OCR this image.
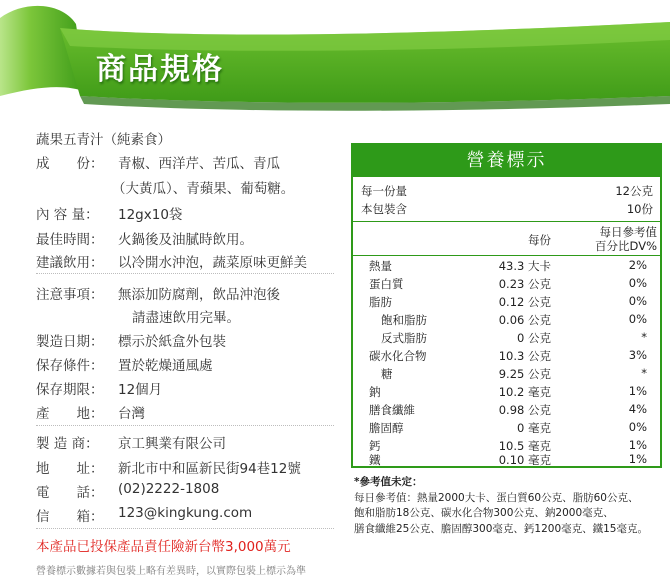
商品規格
蔬果五青汁（純素食）
成　　份： 青椒、西洋芹、苦瓜、青瓜
（大黃瓜）、青蘋果、葡萄糖。
內 容 量： 12gx10袋
最佳時間： 火鍋後及油膩時飲用。
建議飲用： 以冷開水沖泡，蔬菜原味更鮮美
注意事項： 無添加防腐劑，飲品沖泡後
請盡速飲用完畢。
製造日期： 標示於紙盒外包裝
保存條件： 置於乾燥通風處
保存期限： 12個月
產　　地： 台灣
製 造 商： 京工興業有限公司
地　　址： 新北市中和區新民街94巷12號
電　　話： (02)2222-1808
信　　箱： 123@kingkung.com
本產品已投保產品責任險新台幣3,000萬元
營養標示數據若與包裝上略有差異時，以實際包裝上標示為準
營養標示
每一份量	12公克
本包裝含	10份
每份
每日參考值
百分比DV%
熱量	43.3 大卡	2%
蛋白質	0.23 公克	0%
脂肪	0.12 公克	0%
飽和脂肪	0.06 公克	0%
反式脂肪	0 公克	*
碳水化合物	10.3 公克	3%
糖	9.25 公克	*
鈉	10.2 毫克	1%
膳食纖維	0.98 公克	4%
膽固醇	0 毫克	0%
鈣	10.5 毫克	1%
鐵	0.10 毫克	1%
*參考值未定：
每日參考值：熱量2000大卡、蛋白質60公克、脂肪60公克、
飽和脂肪18公克、碳水化合物300公克、鈉2000毫克、
膳食纖維25公克、膽固醇300毫克、鈣1200毫克、鐵15毫克。
